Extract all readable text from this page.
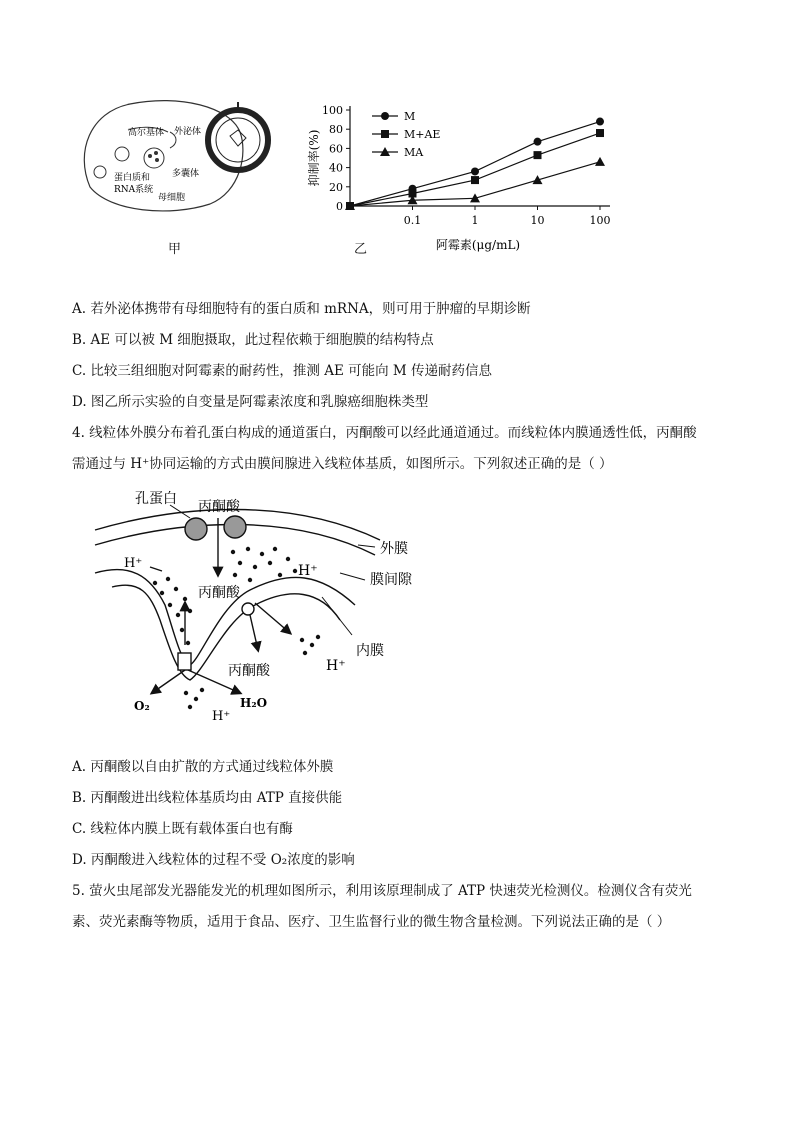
高尔基体 外泌体
多囊体
蛋白质和
RNA系统
母细胞
甲
抑制率(%)
0
20
40
60
80
100
0.1	1	10	100
M
M+AE
MA
阿霉素(μg/mL)
乙
A. 若外泌体携带有母细胞特有的蛋白质和 mRNA，则可用于肿瘤的早期诊断
B. AE 可以被 M 细胞摄取，此过程依赖于细胞膜的结构特点
C. 比较三组细胞对阿霉素的耐药性，推测 AE 可能向 M 传递耐药信息
D. 图乙所示实验的自变量是阿霉素浓度和乳腺癌细胞株类型
4. 线粒体外膜分布着孔蛋白构成的通道蛋白，丙酮酸可以经此通道通过。而线粒体内膜通透性低，丙酮酸
需通过与 H⁺协同运输的方式由膜间腺进入线粒体基质，如图所示。下列叙述正确的是（ ）
孔蛋白 丙酮酸
外膜
膜间隙
H⁺	H⁺
丙酮酸
内膜
H⁺
丙酮酸
O₂	H₂O
H⁺
A. 丙酮酸以自由扩散的方式通过线粒体外膜
B. 丙酮酸进出线粒体基质均由 ATP 直接供能
C. 线粒体内膜上既有载体蛋白也有酶
D. 丙酮酸进入线粒体的过程不受 O₂浓度的影响
5. 萤火虫尾部发光器能发光的机理如图所示，利用该原理制成了 ATP 快速荧光检测仪。检测仪含有荧光
素、荧光素酶等物质，适用于食品、医疗、卫生监督行业的微生物含量检测。下列说法正确的是（ ）
